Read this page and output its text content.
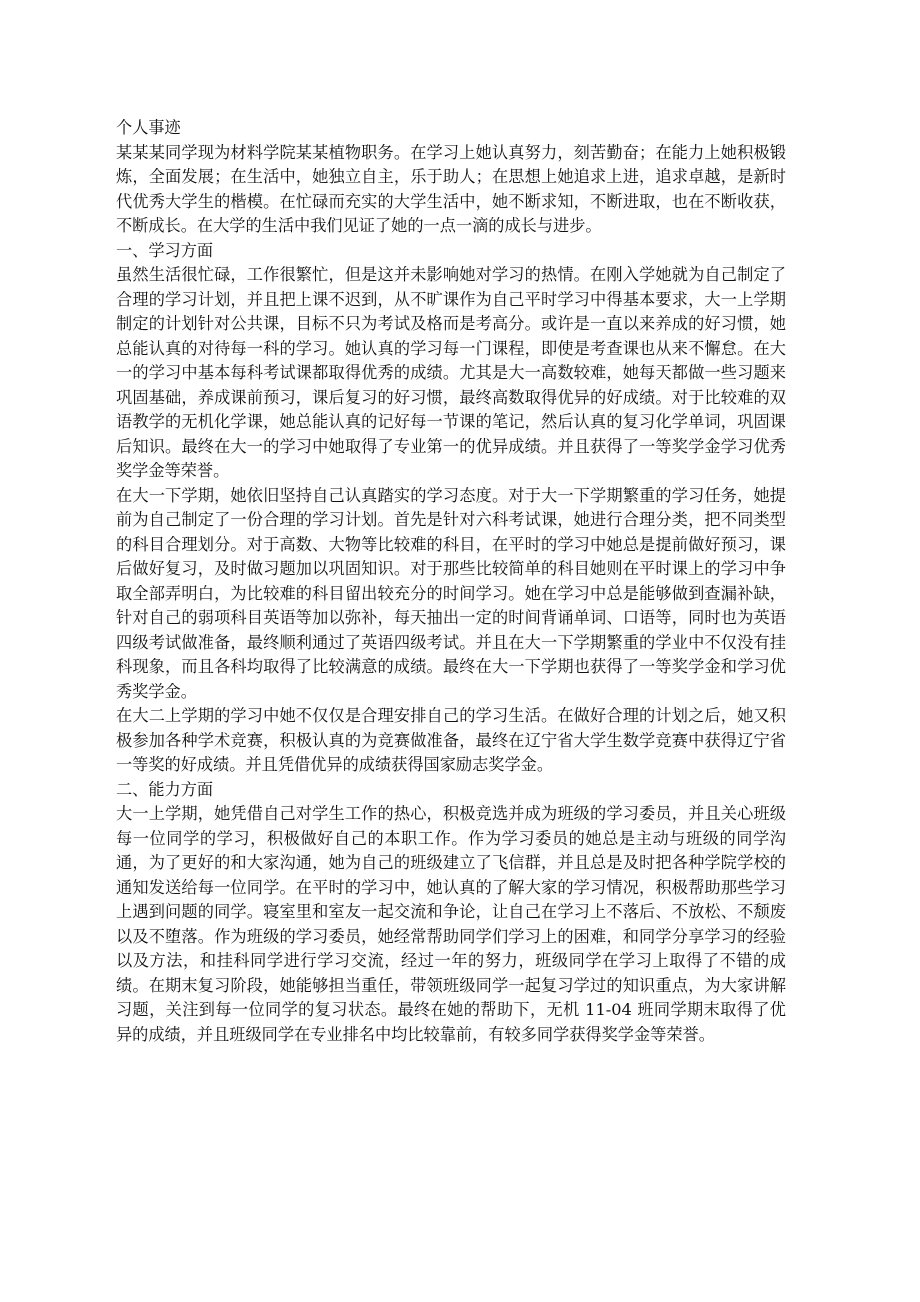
个人事迹

某某某同学现为材料学院某某植物职务。在学习上她认真努力，刻苦勤奋；在能力上她积极锻炼，全面发展；在生活中，她独立自主，乐于助人；在思想上她追求上进，追求卓越，是新时代优秀大学生的楷模。在忙碌而充实的大学生活中，她不断求知，不断进取，也在不断收获，不断成长。在大学的生活中我们见证了她的一点一滴的成长与进步。

一、学习方面

虽然生活很忙碌，工作很繁忙，但是这并未影响她对学习的热情。在刚入学她就为自己制定了合理的学习计划，并且把上课不迟到，从不旷课作为自己平时学习中得基本要求，大一上学期制定的计划针对公共课，目标不只为考试及格而是考高分。或许是一直以来养成的好习惯，她总能认真的对待每一科的学习。她认真的学习每一门课程，即使是考查课也从来不懈怠。在大一的学习中基本每科考试课都取得优秀的成绩。尤其是大一高数较难，她每天都做一些习题来巩固基础，养成课前预习，课后复习的好习惯，最终高数取得优异的好成绩。对于比较难的双语教学的无机化学课，她总能认真的记好每一节课的笔记，然后认真的复习化学单词，巩固课后知识。最终在大一的学习中她取得了专业第一的优异成绩。并且获得了一等奖学金学习优秀奖学金等荣誉。

在大一下学期，她依旧坚持自己认真踏实的学习态度。对于大一下学期繁重的学习任务，她提前为自己制定了一份合理的学习计划。首先是针对六科考试课，她进行合理分类，把不同类型的科目合理划分。对于高数、大物等比较难的科目，在平时的学习中她总是提前做好预习，课后做好复习，及时做习题加以巩固知识。对于那些比较简单的科目她则在平时课上的学习中争取全部弄明白，为比较难的科目留出较充分的时间学习。她在学习中总是能够做到查漏补缺，针对自己的弱项科目英语等加以弥补，每天抽出一定的时间背诵单词、口语等，同时也为英语四级考试做准备，最终顺利通过了英语四级考试。并且在大一下学期繁重的学业中不仅没有挂科现象，而且各科均取得了比较满意的成绩。最终在大一下学期也获得了一等奖学金和学习优秀奖学金。

在大二上学期的学习中她不仅仅是合理安排自己的学习生活。在做好合理的计划之后，她又积极参加各种学术竞赛，积极认真的为竞赛做准备，最终在辽宁省大学生数学竞赛中获得辽宁省一等奖的好成绩。并且凭借优异的成绩获得国家励志奖学金。

二、能力方面

大一上学期，她凭借自己对学生工作的热心，积极竞选并成为班级的学习委员，并且关心班级每一位同学的学习，积极做好自己的本职工作。作为学习委员的她总是主动与班级的同学沟通，为了更好的和大家沟通，她为自己的班级建立了飞信群，并且总是及时把各种学院学校的通知发送给每一位同学。在平时的学习中，她认真的了解大家的学习情况，积极帮助那些学习上遇到问题的同学。寝室里和室友一起交流和争论，让自己在学习上不落后、不放松、不颓废以及不堕落。作为班级的学习委员，她经常帮助同学们学习上的困难，和同学分享学习的经验以及方法，和挂科同学进行学习交流，经过一年的努力，班级同学在学习上取得了不错的成绩。在期末复习阶段，她能够担当重任，带领班级同学一起复习学过的知识重点，为大家讲解习题，关注到每一位同学的复习状态。最终在她的帮助下，无机 11-04 班同学期末取得了优异的成绩，并且班级同学在专业排名中均比较靠前，有较多同学获得奖学金等荣誉。
